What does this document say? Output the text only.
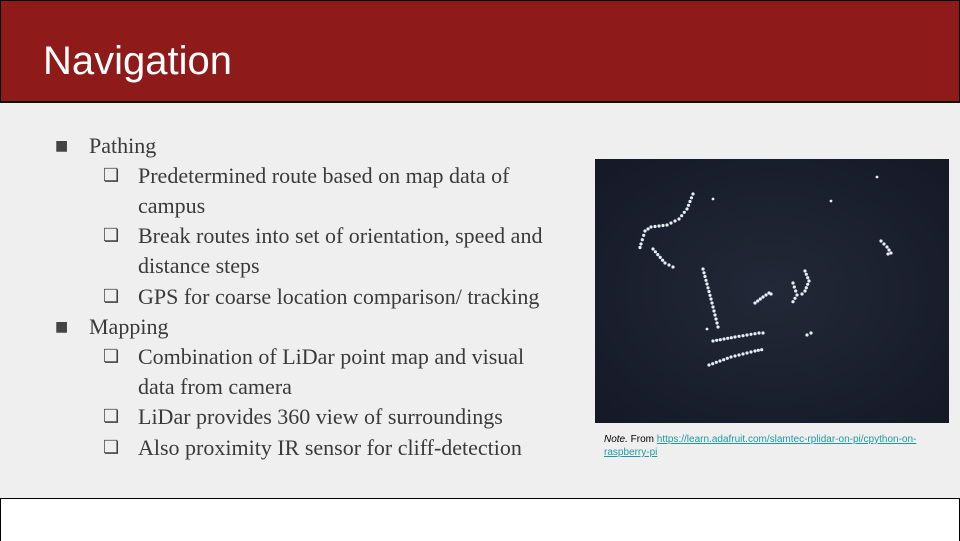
Navigation
■ Pathing
❏ Predetermined route based on map data of
campus
❏ Break routes into set of orientation, speed and
distance steps
❏ GPS for coarse location comparison/ tracking
■ Mapping
❏ Combination of LiDar point map and visual
data from camera
❏ LiDar provides 360 view of surroundings
❏ Also proximity IR sensor for cliff-detection	Note. From https://learn.adafruit.com/slamtec-rplidar-on-pi/cpython-on-raspberry-pi
